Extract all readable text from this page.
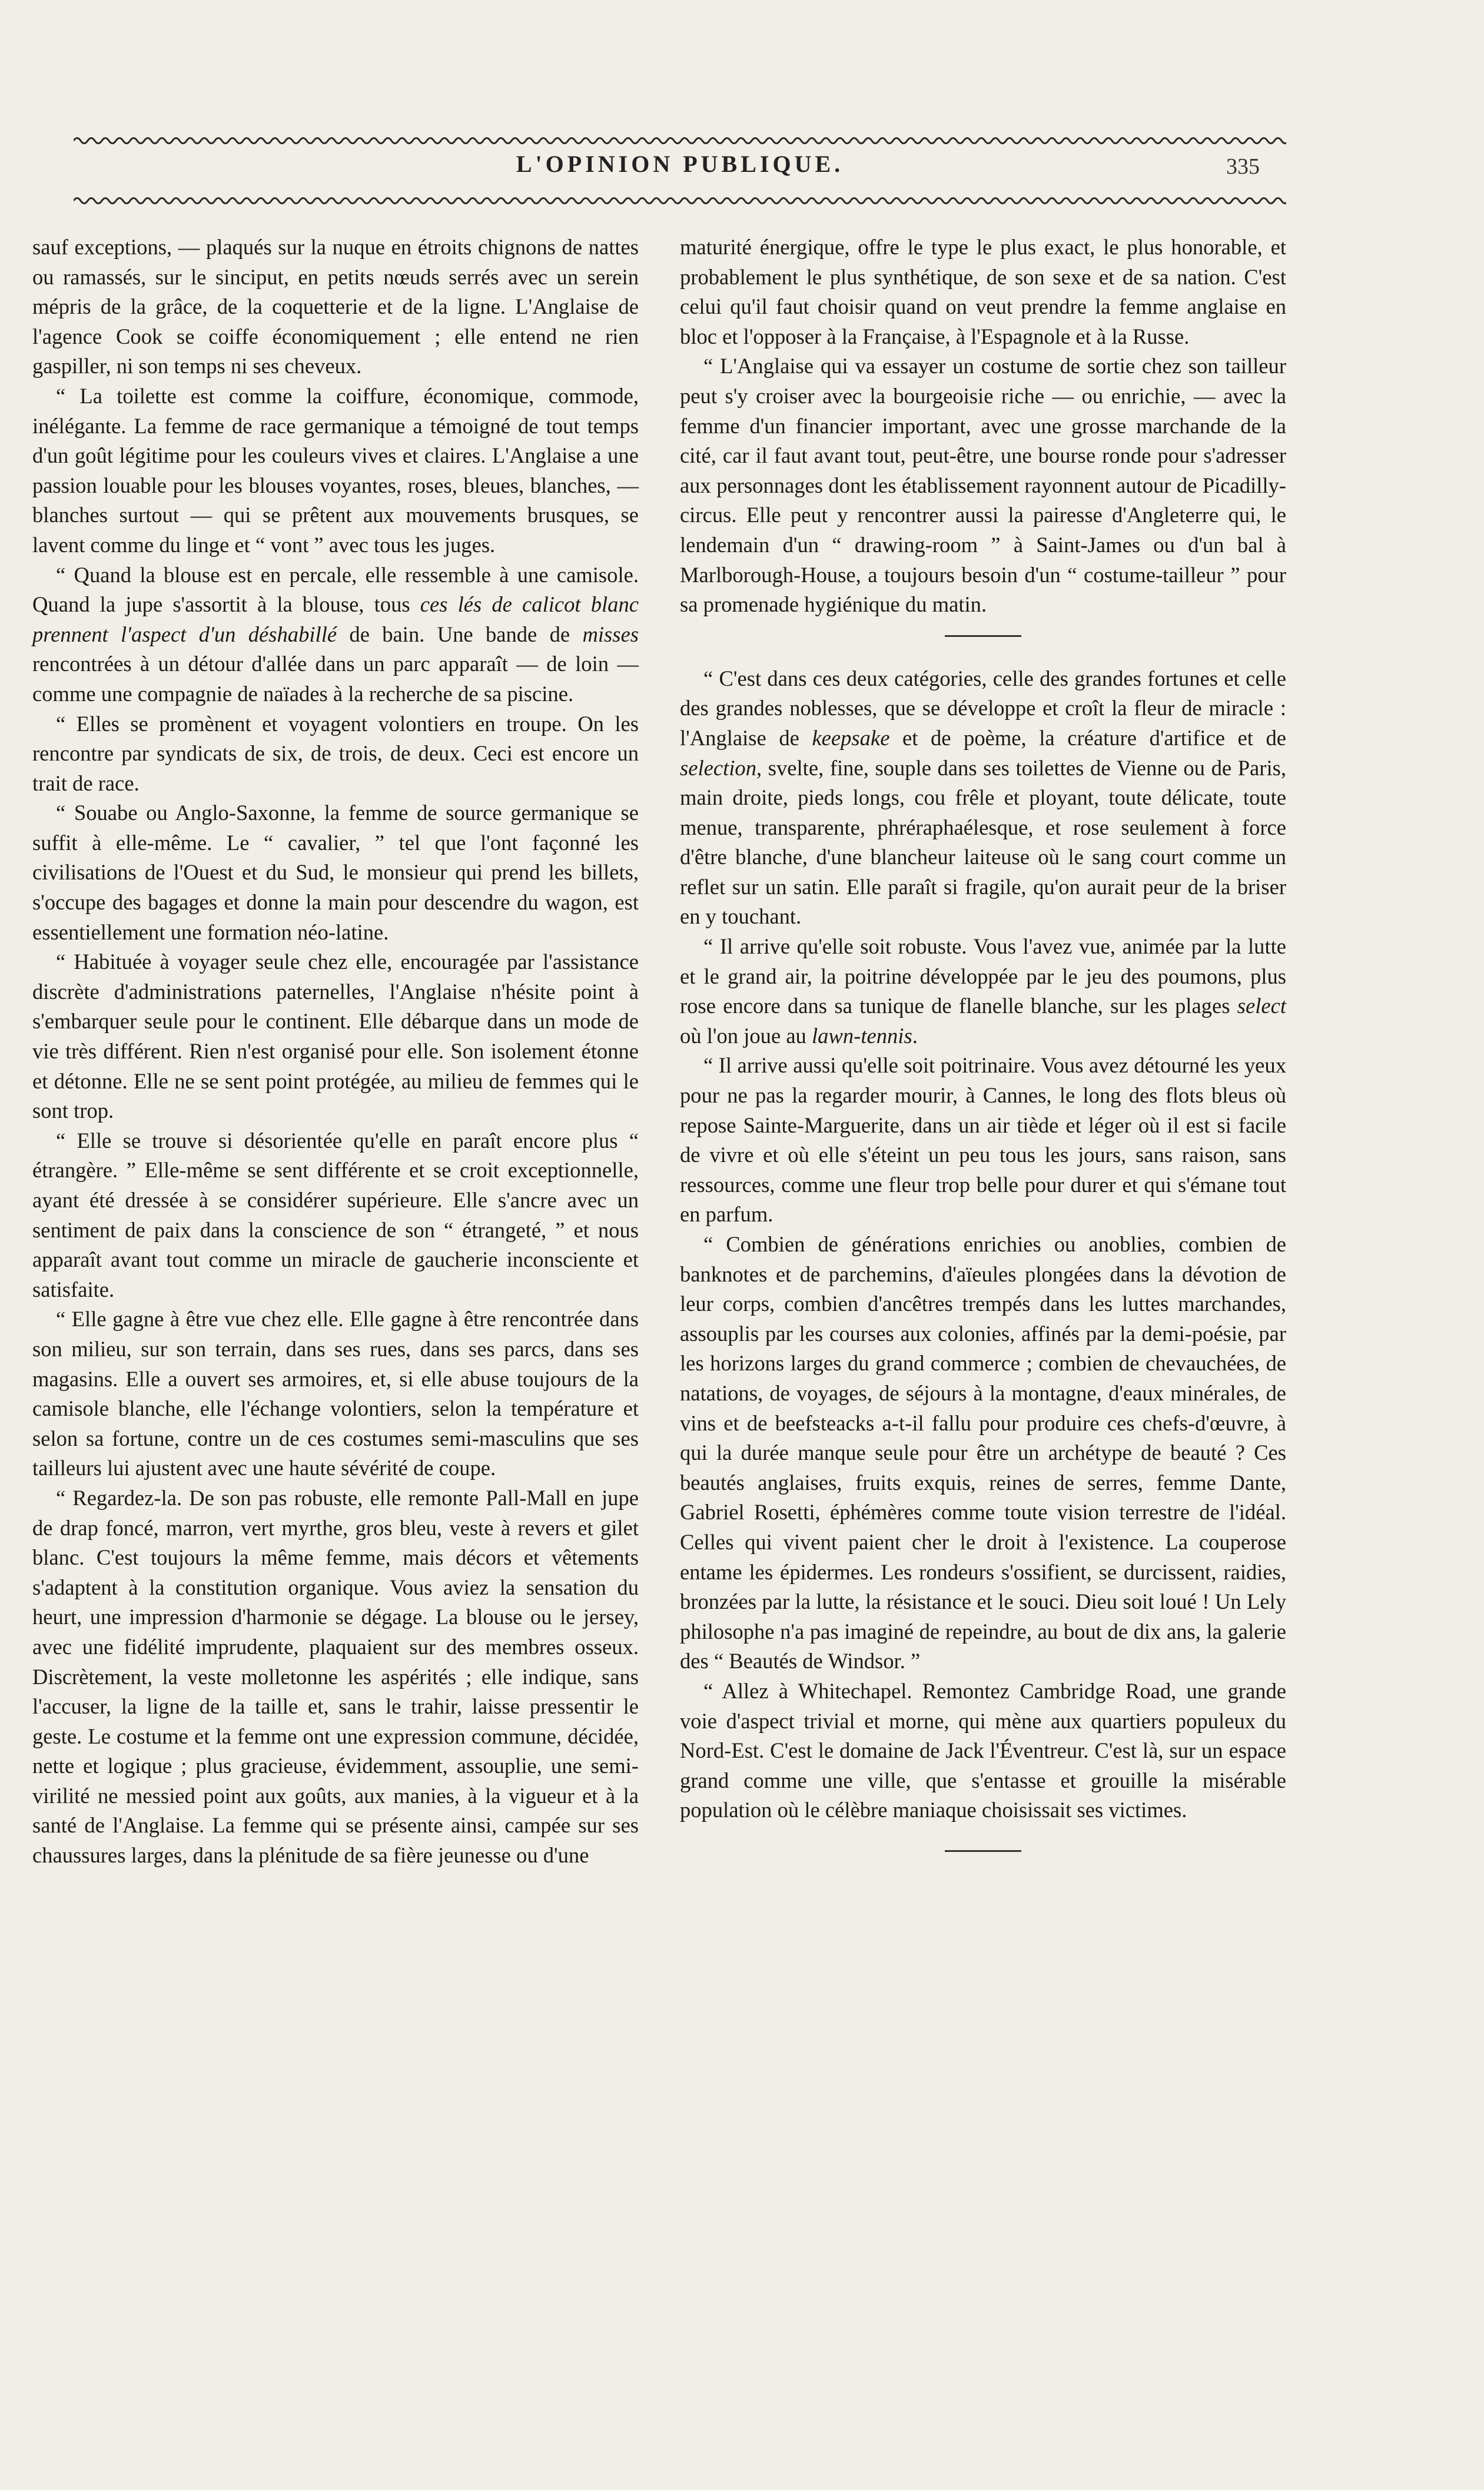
L'OPINION PUBLIQUE.	335

sauf exceptions, — plaqués sur la nuque en étroits chignons de nattes ou ramassés, sur le sinciput, en petits nœuds serrés avec un serein mépris de la grâce, de la coquetterie et de la ligne. L'Anglaise de l'agence Cook se coiffe économiquement ; elle entend ne rien gaspiller, ni son temps ni ses cheveux.

“ La toilette est comme la coiffure, économique, commode, inélégante. La femme de race germanique a témoigné de tout temps d'un goût légitime pour les couleurs vives et claires. L'Anglaise a une passion louable pour les blouses voyantes, roses, bleues, blanches, — blanches surtout — qui se prêtent aux mouvements brusques, se lavent comme du linge et “ vont ” avec tous les juges.

“ Quand la blouse est en percale, elle ressemble à une camisole. Quand la jupe s'assortit à la blouse, tous ces lés de calicot blanc prennent l'aspect d'un déshabillé de bain. Une bande de misses rencontrées à un détour d'allée dans un parc apparaît — de loin — comme une compagnie de naïades à la recherche de sa piscine.

“ Elles se promènent et voyagent volontiers en troupe. On les rencontre par syndicats de six, de trois, de deux. Ceci est encore un trait de race.

“ Souabe ou Anglo-Saxonne, la femme de source germanique se suffit à elle-même. Le “ cavalier, ” tel que l'ont façonné les civilisations de l'Ouest et du Sud, le monsieur qui prend les billets, s'occupe des bagages et donne la main pour descendre du wagon, est essentiellement une formation néo-latine.

“ Habituée à voyager seule chez elle, encouragée par l'assistance discrète d'administrations paternelles, l'Anglaise n'hésite point à s'embarquer seule pour le continent. Elle débarque dans un mode de vie très différent. Rien n'est organisé pour elle. Son isolement étonne et détonne. Elle ne se sent point protégée, au milieu de femmes qui le sont trop.

“ Elle se trouve si désorientée qu'elle en paraît encore plus “ étrangère. ” Elle-même se sent différente et se croit exceptionnelle, ayant été dressée à se considérer supérieure. Elle s'ancre avec un sentiment de paix dans la conscience de son “ étrangeté, ” et nous apparaît avant tout comme un miracle de gaucherie inconsciente et satisfaite.

“ Elle gagne à être vue chez elle. Elle gagne à être rencontrée dans son milieu, sur son terrain, dans ses rues, dans ses parcs, dans ses magasins. Elle a ouvert ses armoires, et, si elle abuse toujours de la camisole blanche, elle l'échange volontiers, selon la température et selon sa fortune, contre un de ces costumes semi-masculins que ses tailleurs lui ajustent avec une haute sévérité de coupe.

“ Regardez-la. De son pas robuste, elle remonte Pall-Mall en jupe de drap foncé, marron, vert myrthe, gros bleu, veste à revers et gilet blanc. C'est toujours la même femme, mais décors et vêtements s'adaptent à la constitution organique. Vous aviez la sensation du heurt, une impression d'harmonie se dégage. La blouse ou le jersey, avec une fidélité imprudente, plaquaient sur des membres osseux. Discrètement, la veste molletonne les aspérités ; elle indique, sans l'accuser, la ligne de la taille et, sans le trahir, laisse pressentir le geste. Le costume et la femme ont une expression commune, décidée, nette et logique ; plus gracieuse, évidemment, assouplie, une semi-virilité ne messied point aux goûts, aux manies, à la vigueur et à la santé de l'Anglaise. La femme qui se présente ainsi, campée sur ses chaussures larges, dans la plénitude de sa fière jeunesse ou d'une

maturité énergique, offre le type le plus exact, le plus honorable, et probablement le plus synthétique, de son sexe et de sa nation. C'est celui qu'il faut choisir quand on veut prendre la femme anglaise en bloc et l'opposer à la Française, à l'Espagnole et à la Russe.

“ L'Anglaise qui va essayer un costume de sortie chez son tailleur peut s'y croiser avec la bourgeoisie riche — ou enrichie, — avec la femme d'un financier important, avec une grosse marchande de la cité, car il faut avant tout, peut-être, une bourse ronde pour s'adresser aux personnages dont les établissement rayonnent autour de Picadilly-circus. Elle peut y rencontrer aussi la pairesse d'Angleterre qui, le lendemain d'un “ drawing-room ” à Saint-James ou d'un bal à Marlborough-House, a toujours besoin d'un “ costume-tailleur ” pour sa promenade hygiénique du matin.

“ C'est dans ces deux catégories, celle des grandes fortunes et celle des grandes noblesses, que se développe et croît la fleur de miracle : l'Anglaise de keepsake et de poème, la créature d'artifice et de selection, svelte, fine, souple dans ses toilettes de Vienne ou de Paris, main droite, pieds longs, cou frêle et ployant, toute délicate, toute menue, transparente, phréraphaélesque, et rose seulement à force d'être blanche, d'une blancheur laiteuse où le sang court comme un reflet sur un satin. Elle paraît si fragile, qu'on aurait peur de la briser en y touchant.

“ Il arrive qu'elle soit robuste. Vous l'avez vue, animée par la lutte et le grand air, la poitrine développée par le jeu des poumons, plus rose encore dans sa tunique de flanelle blanche, sur les plages select où l'on joue au lawn-tennis.

“ Il arrive aussi qu'elle soit poitrinaire. Vous avez détourné les yeux pour ne pas la regarder mourir, à Cannes, le long des flots bleus où repose Sainte-Marguerite, dans un air tiède et léger où il est si facile de vivre et où elle s'éteint un peu tous les jours, sans raison, sans ressources, comme une fleur trop belle pour durer et qui s'émane tout en parfum.

“ Combien de générations enrichies ou anoblies, combien de banknotes et de parchemins, d'aïeules plongées dans la dévotion de leur corps, combien d'ancêtres trempés dans les luttes marchandes, assouplis par les courses aux colonies, affinés par la demi-poésie, par les horizons larges du grand commerce ; combien de chevauchées, de natations, de voyages, de séjours à la montagne, d'eaux minérales, de vins et de beefsteacks a-t-il fallu pour produire ces chefs-d'œuvre, à qui la durée manque seule pour être un archétype de beauté ? Ces beautés anglaises, fruits exquis, reines de serres, femme Dante, Gabriel Rosetti, éphémères comme toute vision terrestre de l'idéal. Celles qui vivent paient cher le droit à l'existence. La couperose entame les épidermes. Les rondeurs s'ossifient, se durcissent, raidies, bronzées par la lutte, la résistance et le souci. Dieu soit loué ! Un Lely philosophe n'a pas imaginé de repeindre, au bout de dix ans, la galerie des “ Beautés de Windsor. ”

“ Allez à Whitechapel. Remontez Cambridge Road, une grande voie d'aspect trivial et morne, qui mène aux quartiers populeux du Nord-Est. C'est le domaine de Jack l'Éventreur. C'est là, sur un espace grand comme une ville, que s'entasse et grouille la misérable population où le célèbre maniaque choisissait ses victimes.
